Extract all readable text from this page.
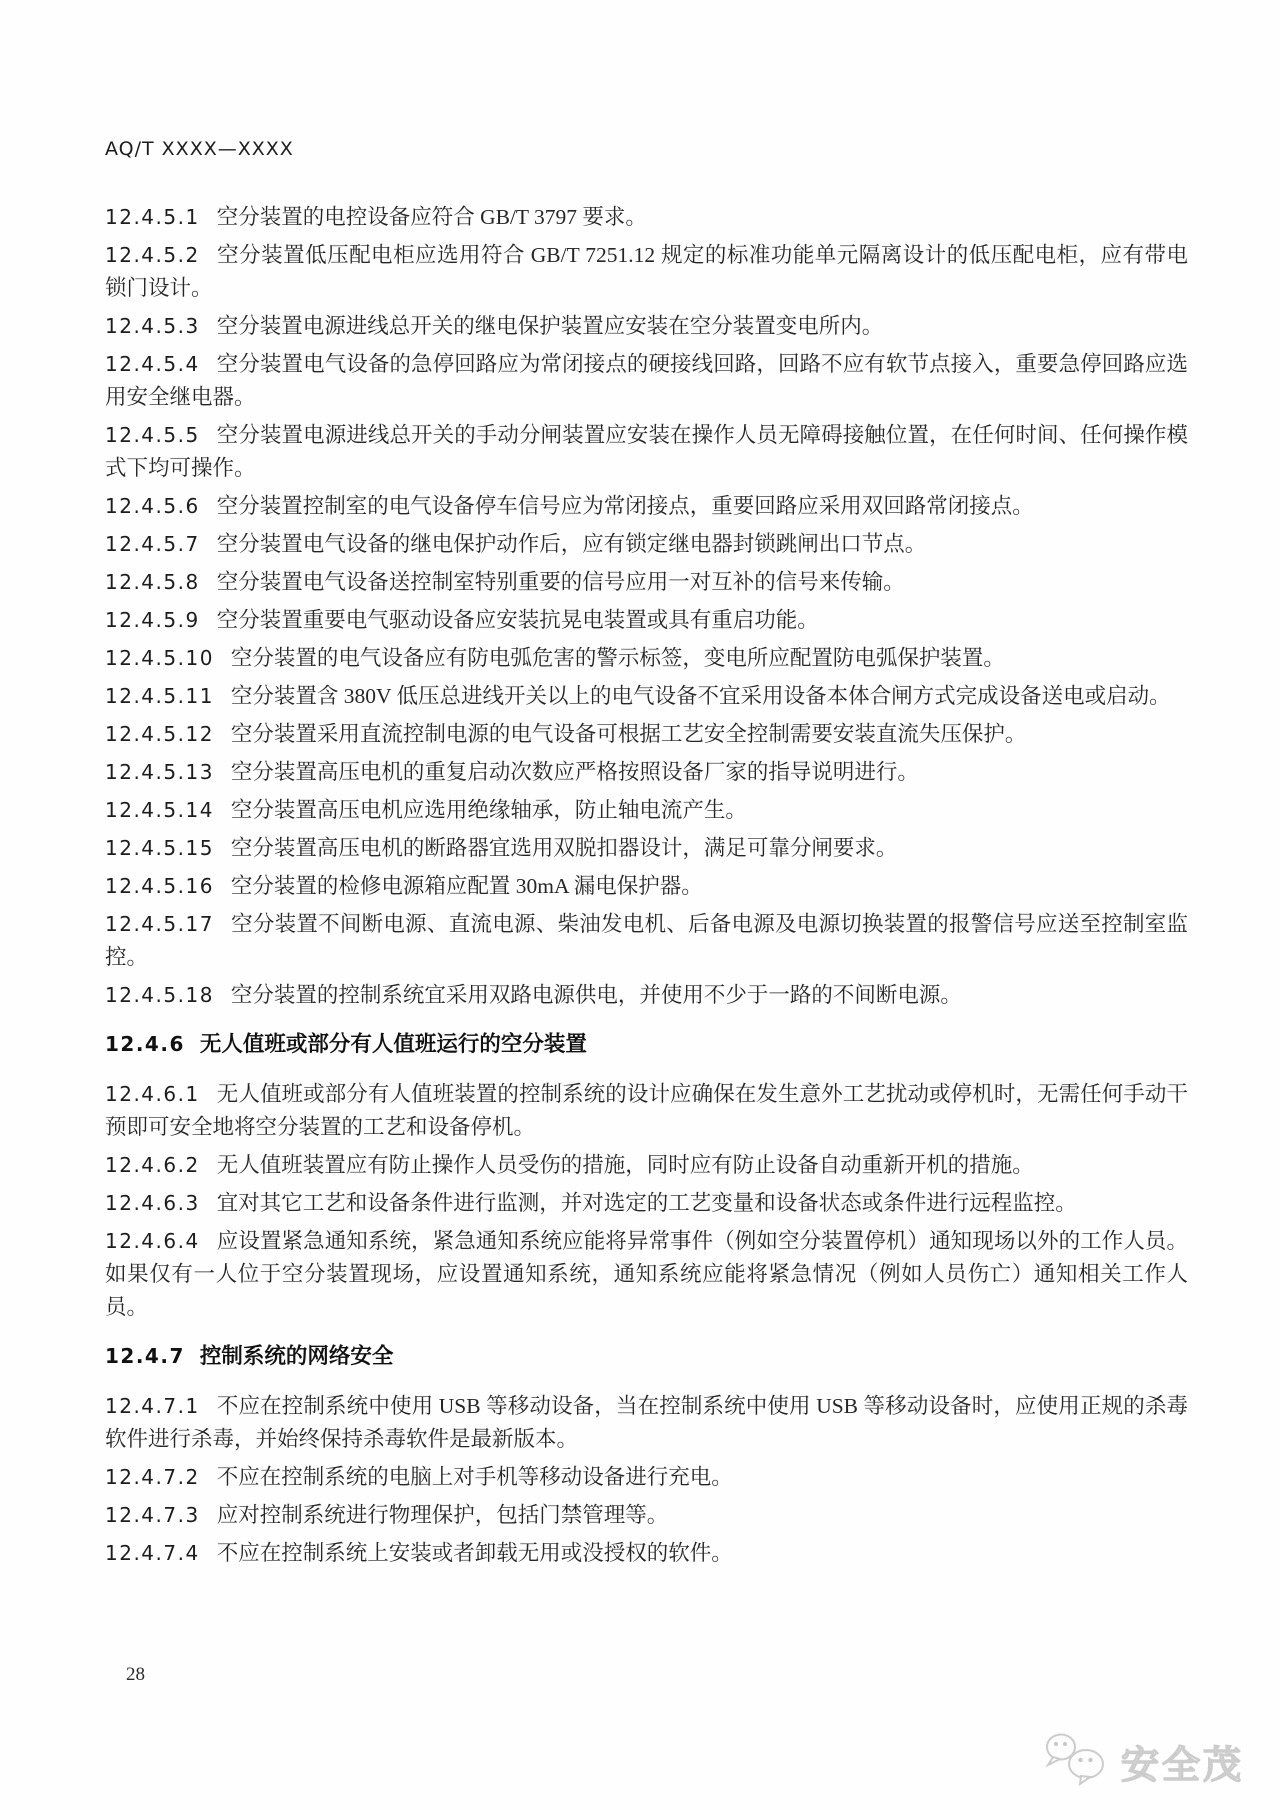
AQ/T XXXX—XXXX

12.4.5.1 空分装置的电控设备应符合 GB/T 3797 要求。

12.4.5.2 空分装置低压配电柜应选用符合 GB/T 7251.12 规定的标准功能单元隔离设计的低压配电柜，应有带电锁门设计。

12.4.5.3 空分装置电源进线总开关的继电保护装置应安装在空分装置变电所内。

12.4.5.4 空分装置电气设备的急停回路应为常闭接点的硬接线回路，回路不应有软节点接入，重要急停回路应选用安全继电器。

12.4.5.5 空分装置电源进线总开关的手动分闸装置应安装在操作人员无障碍接触位置，在任何时间、任何操作模式下均可操作。

12.4.5.6 空分装置控制室的电气设备停车信号应为常闭接点，重要回路应采用双回路常闭接点。

12.4.5.7 空分装置电气设备的继电保护动作后，应有锁定继电器封锁跳闸出口节点。

12.4.5.8 空分装置电气设备送控制室特别重要的信号应用一对互补的信号来传输。

12.4.5.9 空分装置重要电气驱动设备应安装抗晃电装置或具有重启功能。

12.4.5.10 空分装置的电气设备应有防电弧危害的警示标签，变电所应配置防电弧保护装置。

12.4.5.11 空分装置含 380V 低压总进线开关以上的电气设备不宜采用设备本体合闸方式完成设备送电或启动。

12.4.5.12 空分装置采用直流控制电源的电气设备可根据工艺安全控制需要安装直流失压保护。

12.4.5.13 空分装置高压电机的重复启动次数应严格按照设备厂家的指导说明进行。

12.4.5.14 空分装置高压电机应选用绝缘轴承，防止轴电流产生。

12.4.5.15 空分装置高压电机的断路器宜选用双脱扣器设计，满足可靠分闸要求。

12.4.5.16 空分装置的检修电源箱应配置 30mA 漏电保护器。

12.4.5.17 空分装置不间断电源、直流电源、柴油发电机、后备电源及电源切换装置的报警信号应送至控制室监控。

12.4.5.18 空分装置的控制系统宜采用双路电源供电，并使用不少于一路的不间断电源。

12.4.6 无人值班或部分有人值班运行的空分装置

12.4.6.1 无人值班或部分有人值班装置的控制系统的设计应确保在发生意外工艺扰动或停机时，无需任何手动干预即可安全地将空分装置的工艺和设备停机。

12.4.6.2 无人值班装置应有防止操作人员受伤的措施，同时应有防止设备自动重新开机的措施。

12.4.6.3 宜对其它工艺和设备条件进行监测，并对选定的工艺变量和设备状态或条件进行远程监控。

12.4.6.4 应设置紧急通知系统，紧急通知系统应能将异常事件（例如空分装置停机）通知现场以外的工作人员。如果仅有一人位于空分装置现场，应设置通知系统，通知系统应能将紧急情况（例如人员伤亡）通知相关工作人员。

12.4.7 控制系统的网络安全

12.4.7.1 不应在控制系统中使用 USB 等移动设备，当在控制系统中使用 USB 等移动设备时，应使用正规的杀毒软件进行杀毒，并始终保持杀毒软件是最新版本。

12.4.7.2 不应在控制系统的电脑上对手机等移动设备进行充电。

12.4.7.3 应对控制系统进行物理保护，包括门禁管理等。

12.4.7.4 不应在控制系统上安装或者卸载无用或没授权的软件。

28
安全茂
